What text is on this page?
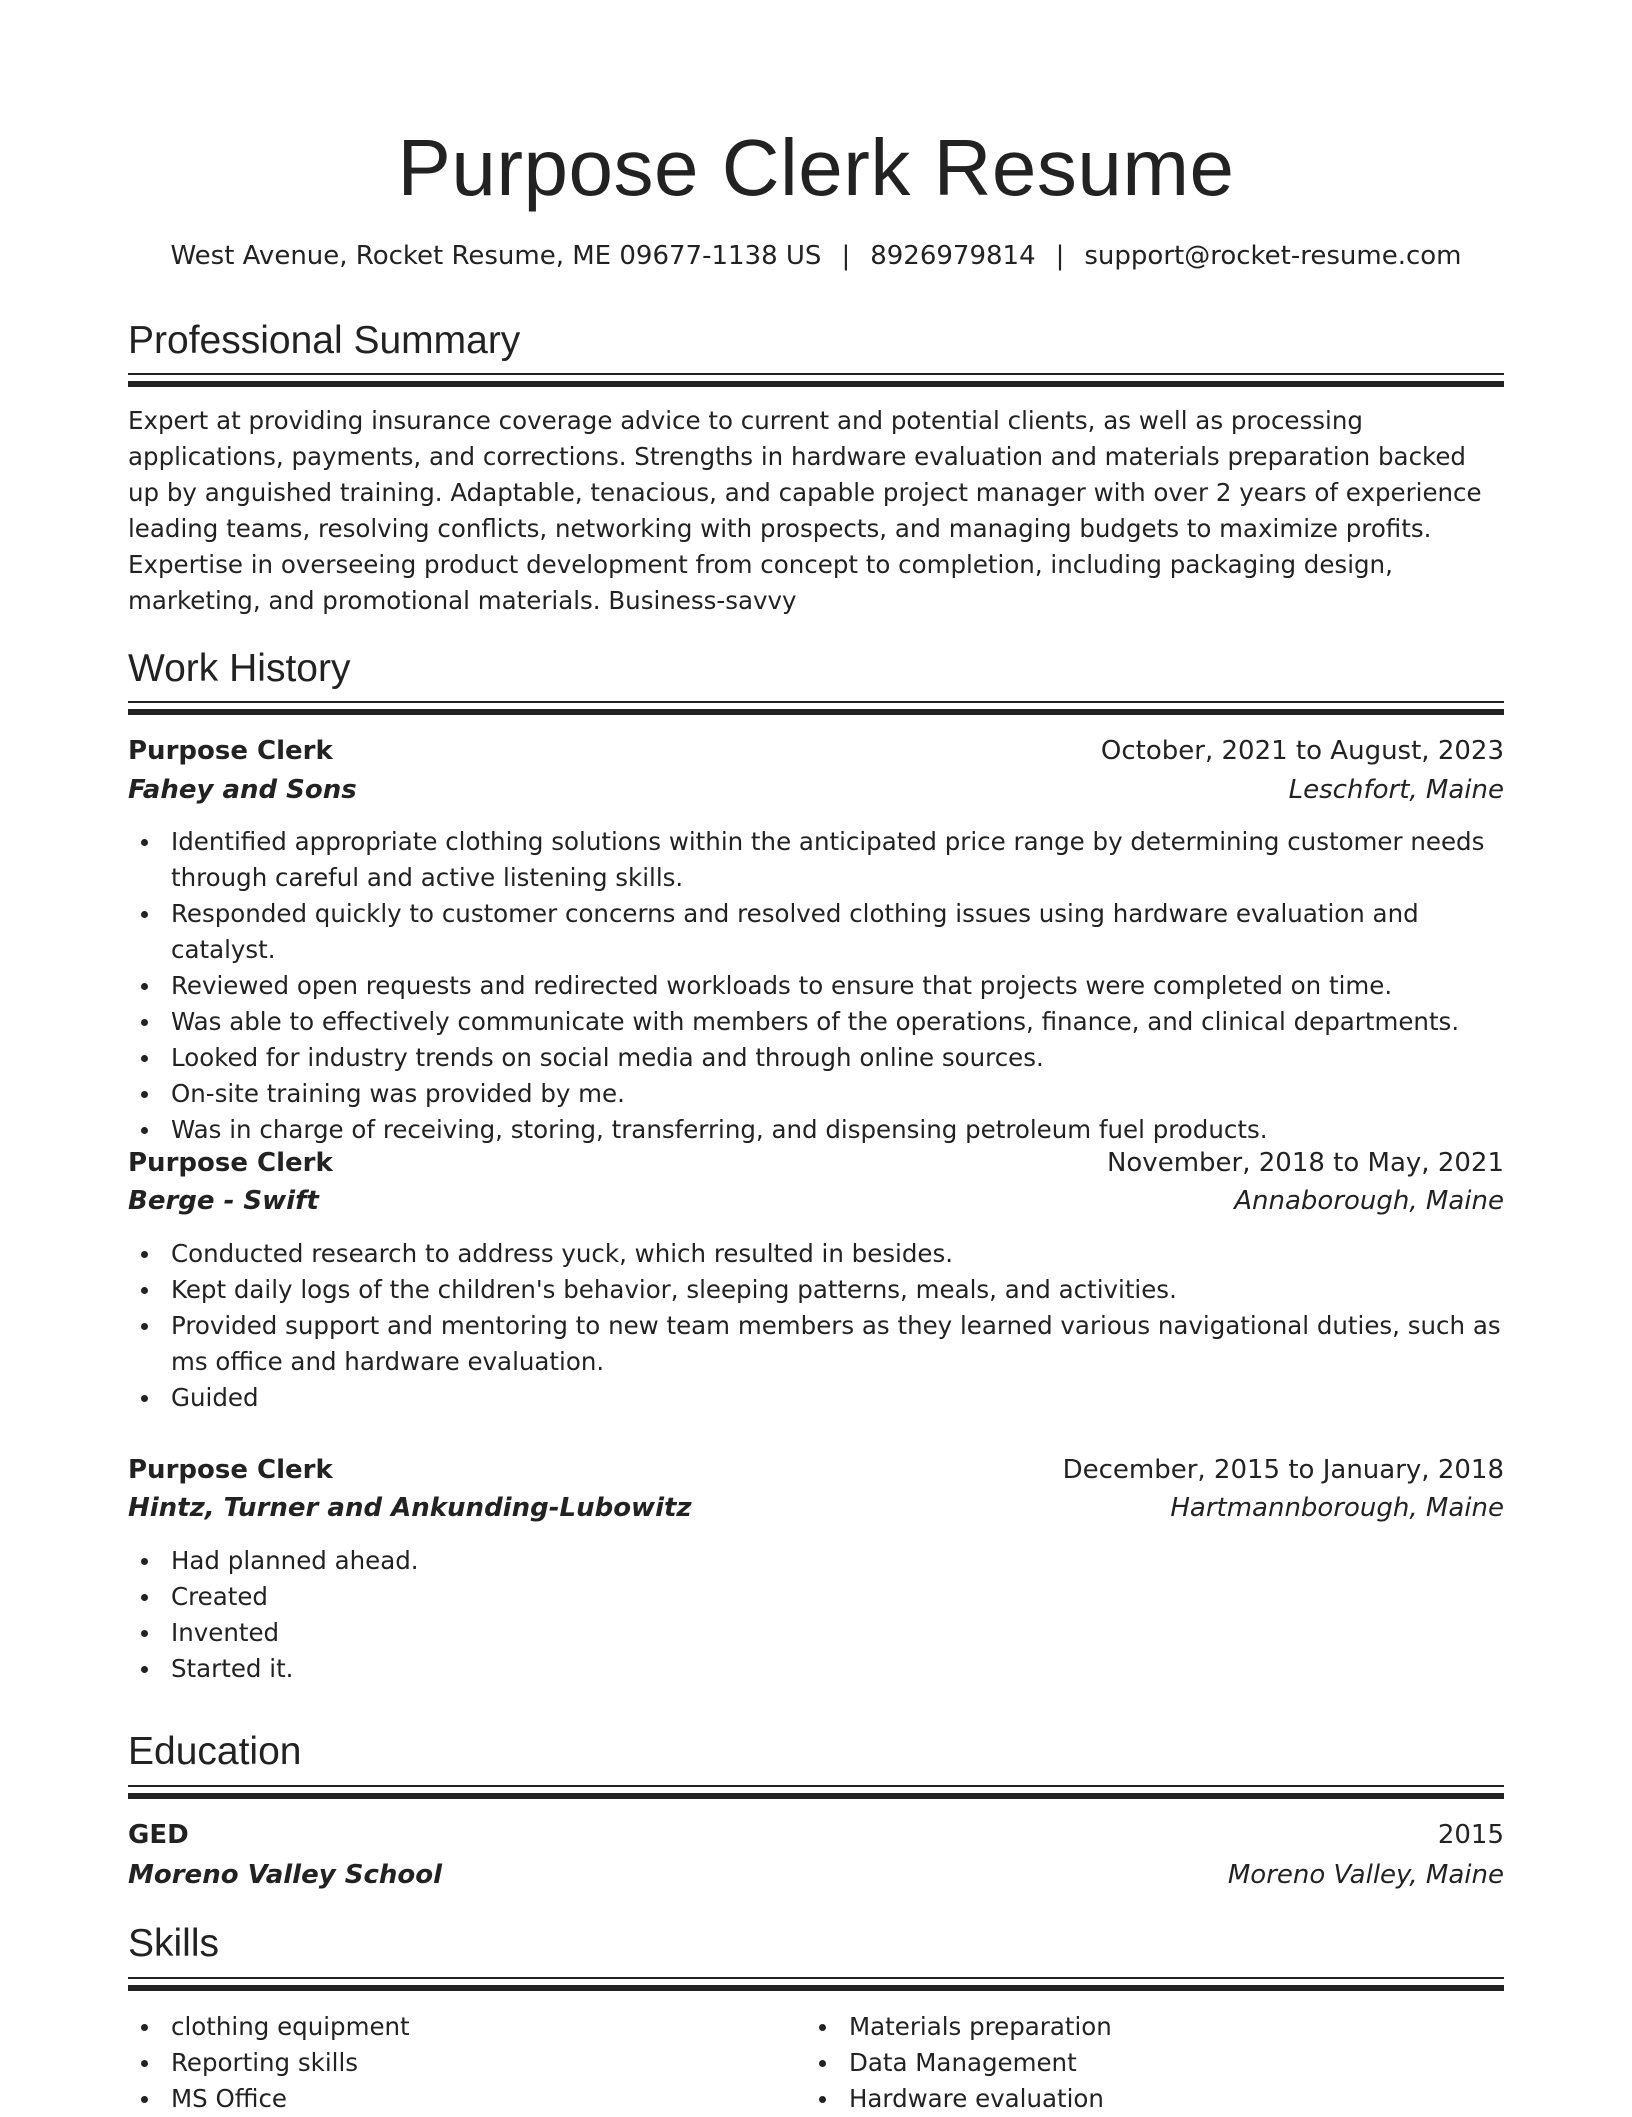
Purpose Clerk Resume
West Avenue, Rocket Resume, ME 09677-1138 US | 8926979814 | support@rocket-resume.com
Professional Summary

Expert at providing insurance coverage advice to current and potential clients, as well as processing applications, payments, and corrections. Strengths in hardware evaluation and materials preparation backed up by anguished training. Adaptable, tenacious, and capable project manager with over 2 years of experience leading teams, resolving conflicts, networking with prospects, and managing budgets to maximize profits. Expertise in overseeing product development from concept to completion, including packaging design, marketing, and promotional materials. Business-savvy

Work History
Purpose Clerk	October, 2021 to August, 2023
Fahey and Sons	Leschfort, Maine
Identified appropriate clothing solutions within the anticipated price range by determining customer needs through careful and active listening skills.
Responded quickly to customer concerns and resolved clothing issues using hardware evaluation and catalyst.
Reviewed open requests and redirected workloads to ensure that projects were completed on time.
Was able to effectively communicate with members of the operations, finance, and clinical departments.
Looked for industry trends on social media and through online sources.
On-site training was provided by me.
Was in charge of receiving, storing, transferring, and dispensing petroleum fuel products.
Purpose Clerk	November, 2018 to May, 2021
Berge - Swift	Annaborough, Maine
Conducted research to address yuck, which resulted in besides.
Kept daily logs of the children's behavior, sleeping patterns, meals, and activities.
Provided support and mentoring to new team members as they learned various navigational duties, such as ms office and hardware evaluation.
Guided
Purpose Clerk	December, 2015 to January, 2018
Hintz, Turner and Ankunding-Lubowitz	Hartmannborough, Maine
Had planned ahead.
Created
Invented
Started it.
Education
GED	2015
Moreno Valley School	Moreno Valley, Maine
Skills
clothing equipment
Reporting skills
MS Office
Materials preparation
Data Management
Hardware evaluation
